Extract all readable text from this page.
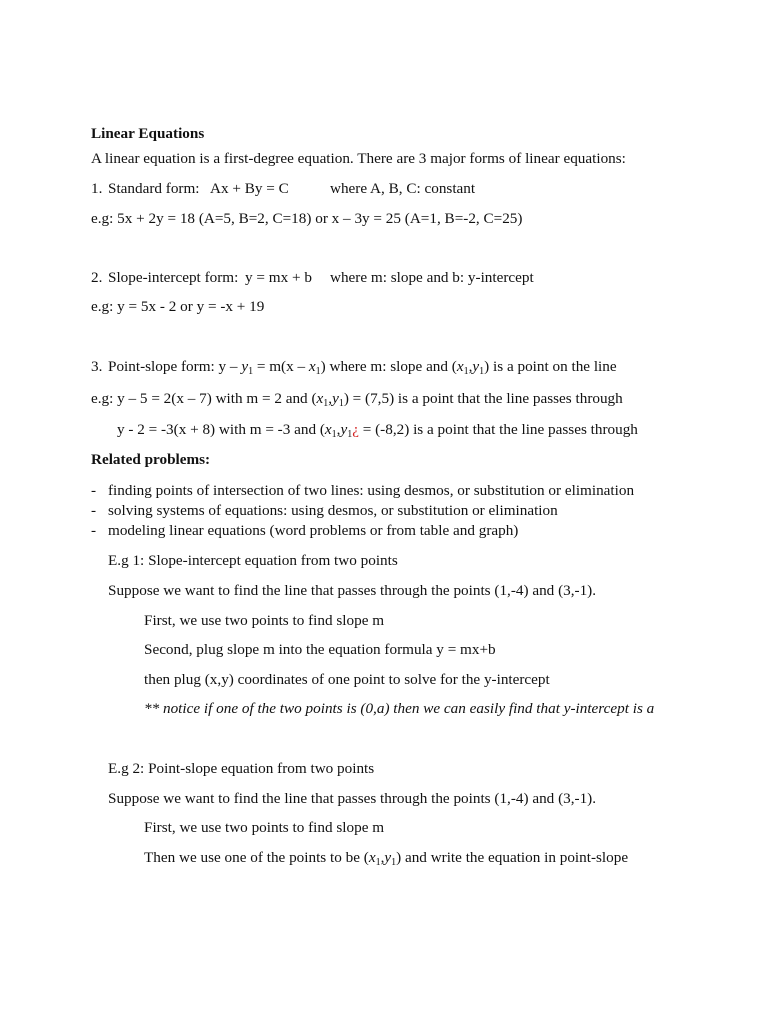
Linear Equations
A linear equation is a first-degree equation. There are 3 major forms of linear equations:
1. Standard form: Ax + By = C	where A, B, C: constant
e.g: 5x + 2y = 18 (A=5, B=2, C=18) or x – 3y = 25 (A=1, B=-2, C=25)
2. Slope-intercept form: y = mx + b where m: slope and b: y-intercept
e.g: y = 5x - 2 or y = -x + 19
3. Point-slope form: $y - y_1 = m(x - x_1)$ where m: slope and $(x_1,y_1)$ is a point on the line
e.g: y – 5 = 2(x – 7) with m = 2 and $(x_1,y_1) = (7,5)$ is a point that the line passes through
y - 2 = -3(x + 8) with m = -3 and ($x_1,y_1¿ = (-8,2)$ is a point that the line passes through
Related problems:
- finding points of intersection of two lines: using desmos, or substitution or elimination
- solving systems of equations: using desmos, or substitution or elimination
- modeling linear equations (word problems or from table and graph)
E.g 1: Slope-intercept equation from two points
Suppose we want to find the line that passes through the points (1,-4) and (3,-1).
First, we use two points to find slope m
Second, plug slope m into the equation formula y = mx+b
then plug (x,y) coordinates of one point to solve for the y-intercept
** notice if one of the two points is (0,a) then we can easily find that y-intercept is a
E.g 2: Point-slope equation from two points
Suppose we want to find the line that passes through the points (1,-4) and (3,-1).
First, we use two points to find slope m
Then we use one of the points to be $(x_1,y_1)$ and write the equation in point-slope
